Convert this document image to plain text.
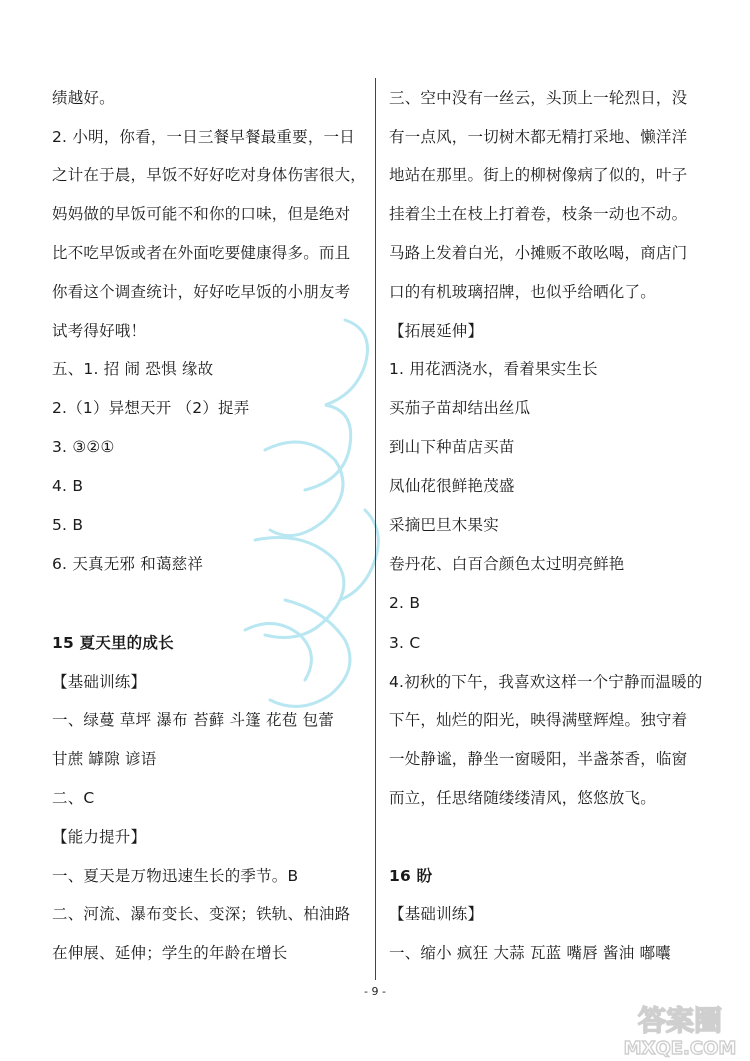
绩越好。
2. 小明，你看，一日三餐早餐最重要，一日
之计在于晨，早饭不好好吃对身体伤害很大，
妈妈做的早饭可能不和你的口味，但是绝对
比不吃早饭或者在外面吃要健康得多。而且
你看这个调查统计，好好吃早饭的小朋友考
试考得好哦！
五、1. 招 闹 恐惧 缘故
2.（1）异想天开 （2）捉弄
3. ③②①
4. B
5. B
6. 天真无邪 和蔼慈祥
15 夏天里的成长
【基础训练】
一、绿蔓 草坪 瀑布 苔藓 斗篷 花苞 包蕾
甘蔗 罅隙 谚语
二、C
【能力提升】
一、夏天是万物迅速生长的季节。B
二、河流、瀑布变长、变深；铁轨、柏油路
在伸展、延伸；学生的年龄在增长
三、空中没有一丝云，头顶上一轮烈日，没
有一点风，一切树木都无精打采地、懒洋洋
地站在那里。街上的柳树像病了似的，叶子
挂着尘土在枝上打着卷，枝条一动也不动。
马路上发着白光，小摊贩不敢吆喝，商店门
口的有机玻璃招牌，也似乎给晒化了。
【拓展延伸】
1. 用花洒浇水，看着果实生长
买茄子苗却结出丝瓜
到山下种苗店买苗
凤仙花很鲜艳茂盛
采摘巴旦木果实
卷丹花、白百合颜色太过明亮鲜艳
2. B
3. C
4.初秋的下午，我喜欢这样一个宁静而温暖的
下午，灿烂的阳光，映得满壁辉煌。独守着
一处静谧，静坐一窗暖阳，半盏茶香，临窗
而立，任思绪随缕缕清风，悠悠放飞。
16 盼
【基础训练】
一、缩小 疯狂 大蒜 瓦蓝 嘴唇 酱油 嘟囔
- 9 -
答案圈
MXQE.COM
